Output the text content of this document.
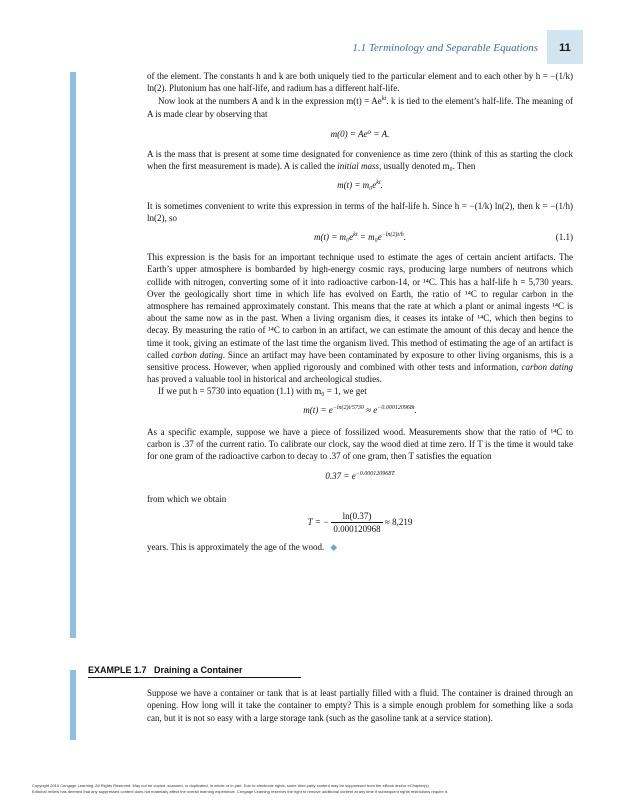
1.1 Terminology and Separable Equations	11

of the element. The constants h and k are both uniquely tied to the particular element and to each other by h = −(1/k) ln(2). Plutonium has one half-life, and radium has a different half-life.

Now look at the numbers A and k in the expression $m(t) = Ae^{kt}$. k is tied to the element’s half-life. The meaning of A is made clear by observing that

m(0) = Ae⁰ = A.

A is the mass that is present at some time designated for convenience as time zero (think of this as starting the clock when the first measurement is made). A is called the initial mass, usually denoted m₀. Then

$m(t) = m_0e^{kt}$.

It is sometimes convenient to write this expression in terms of the half-life h. Since h = −(1/k) ln(2), then k = −(1/h) ln(2), so

$m(t) = m_0e^{kt} = m_0e^{-ln(2)t/h}$.	(1.1)

This expression is the basis for an important technique used to estimate the ages of certain ancient artifacts. The Earth’s upper atmosphere is bombarded by high-energy cosmic rays, producing large numbers of neutrons which collide with nitrogen, converting some of it into radioactive carbon-14, or ¹⁴C. This has a half-life h = 5,730 years. Over the geologically short time in which life has evolved on Earth, the ratio of ¹⁴C to regular carbon in the atmosphere has remained approximately constant. This means that the rate at which a plant or animal ingests ¹⁴C is about the same now as in the past. When a living organism dies, it ceases its intake of ¹⁴C, which then begins to decay. By measuring the ratio of ¹⁴C to carbon in an artifact, we can estimate the amount of this decay and hence the time it took, giving an estimate of the last time the organism lived. This method of estimating the age of an artifact is called carbon dating. Since an artifact may have been contaminated by exposure to other living organisms, this is a sensitive process. However, when applied rigorously and combined with other tests and information, carbon dating has proved a valuable tool in historical and archeological studies.

If we put h = 5730 into equation (1.1) with m₀ = 1, we get

$m(t) = e^{-ln(2)t/5730} \approx e^{-0.000120968t}$.

As a specific example, suppose we have a piece of fossilized wood. Measurements show that the ratio of ¹⁴C to carbon is .37 of the current ratio. To calibrate our clock, say the wood died at time zero. If T is the time it would take for one gram of the radioactive carbon to decay to .37 of one gram, then T satisfies the equation

$0.37 = e^{-0.000120968T}$

from which we obtain

T = − $\frac{\ln(0.37)}{0.000120968} \approx 8,219$

years. This is approximately the age of the wood. ◆

EXAMPLE 1.7 Draining a Container

Suppose we have a container or tank that is at least partially filled with a fluid. The container is drained through an opening. How long will it take the container to empty? This is a simple enough problem for something like a soda can, but it is not so easy with a large storage tank (such as the gasoline tank at a service station).

Copyright 2010 Cengage Learning. All Rights Reserved. May not be copied, scanned, or duplicated, in whole or in part. Due to electronic rights, some third party content may be suppressed from the eBook and/or eChapter(s).
Editorial review has deemed that any suppressed content does not materially affect the overall learning experience. Cengage Learning reserves the right to remove additional content at any time if subsequent rights restrictions require it.
